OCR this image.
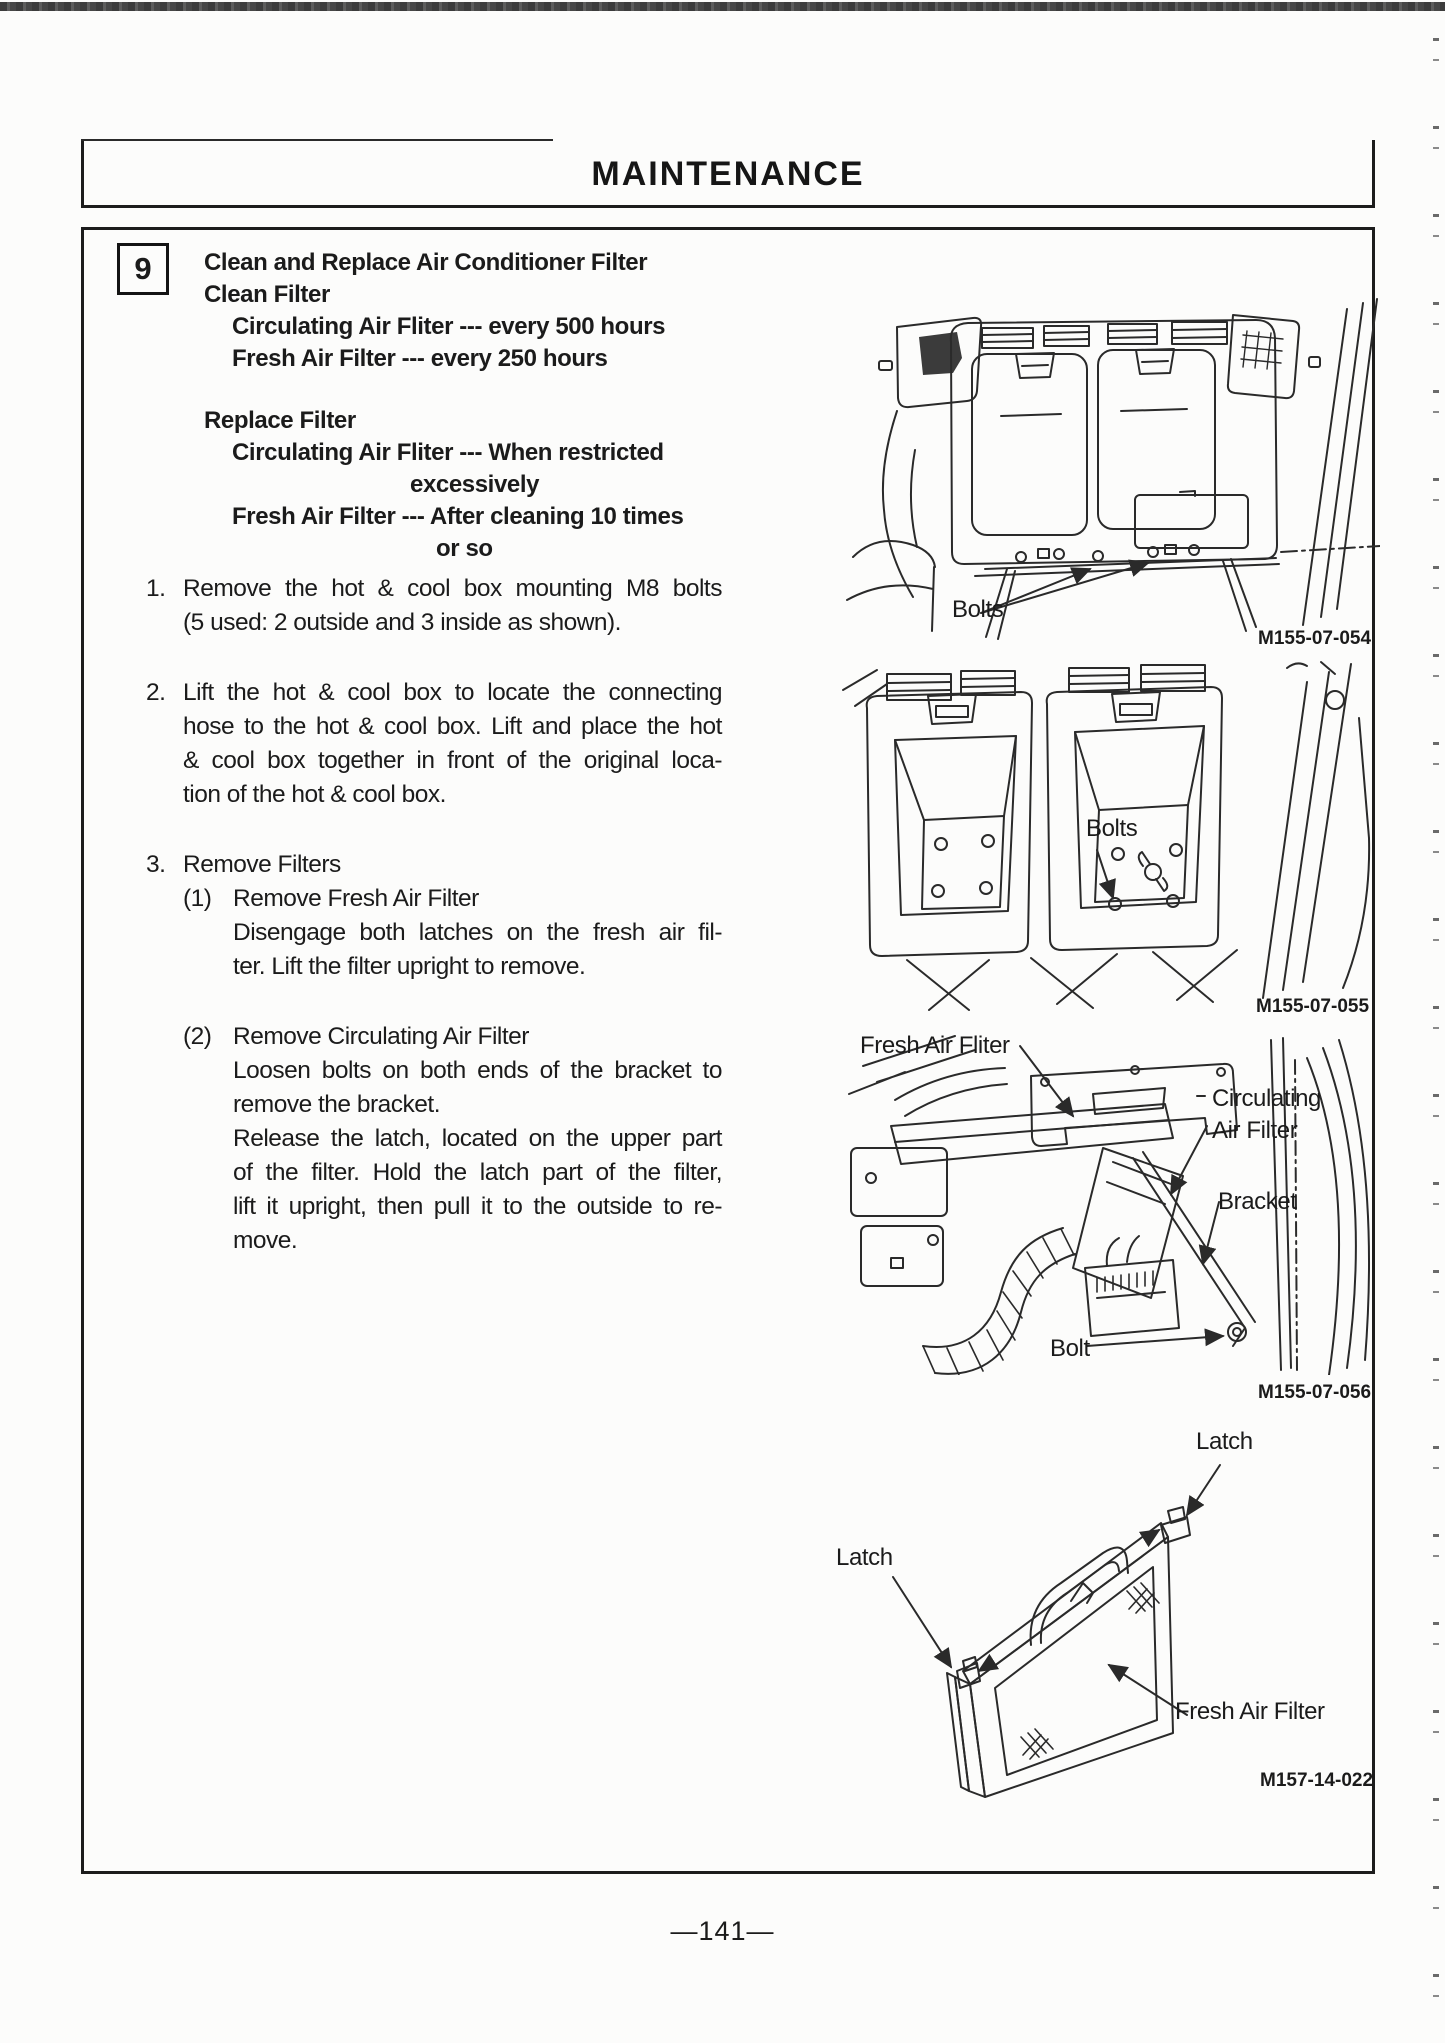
MAINTENANCE
9 Clean and Replace Air Conditioner Filter
Clean Filter
Circulating Air Fliter --- every 500 hours
Fresh Air Filter --- every 250 hours
Replace Filter
Circulating Air Fliter --- When restricted
excessively
Fresh Air Filter --- After cleaning 10 times
or so
1. Remove the hot & cool box mounting M8 bolts
(5 used: 2 outside and 3 inside as shown).
2. Lift the hot & cool box to locate the connecting
hose to the hot & cool box. Lift and place the hot
& cool box together in front of the original loca-
tion of the hot & cool box.
3. Remove Filters
(1) Remove Fresh Air Filter
Disengage both latches on the fresh air fil-
ter. Lift the filter upright to remove.
(2) Remove Circulating Air Filter
Loosen bolts on both ends of the bracket to
remove the bracket.
Release the latch, located on the upper part
of the filter. Hold the latch part of the filter,
lift it upright, then pull it to the outside to re-
move.
Bolts
M155-07-054
Bolts
M155-07-055
Fresh Air Fliter
Circulating
Air Filter
Bracket
Bolt
M155-07-056
Latch
Latch
Fresh Air Filter
M157-14-022
—141—
